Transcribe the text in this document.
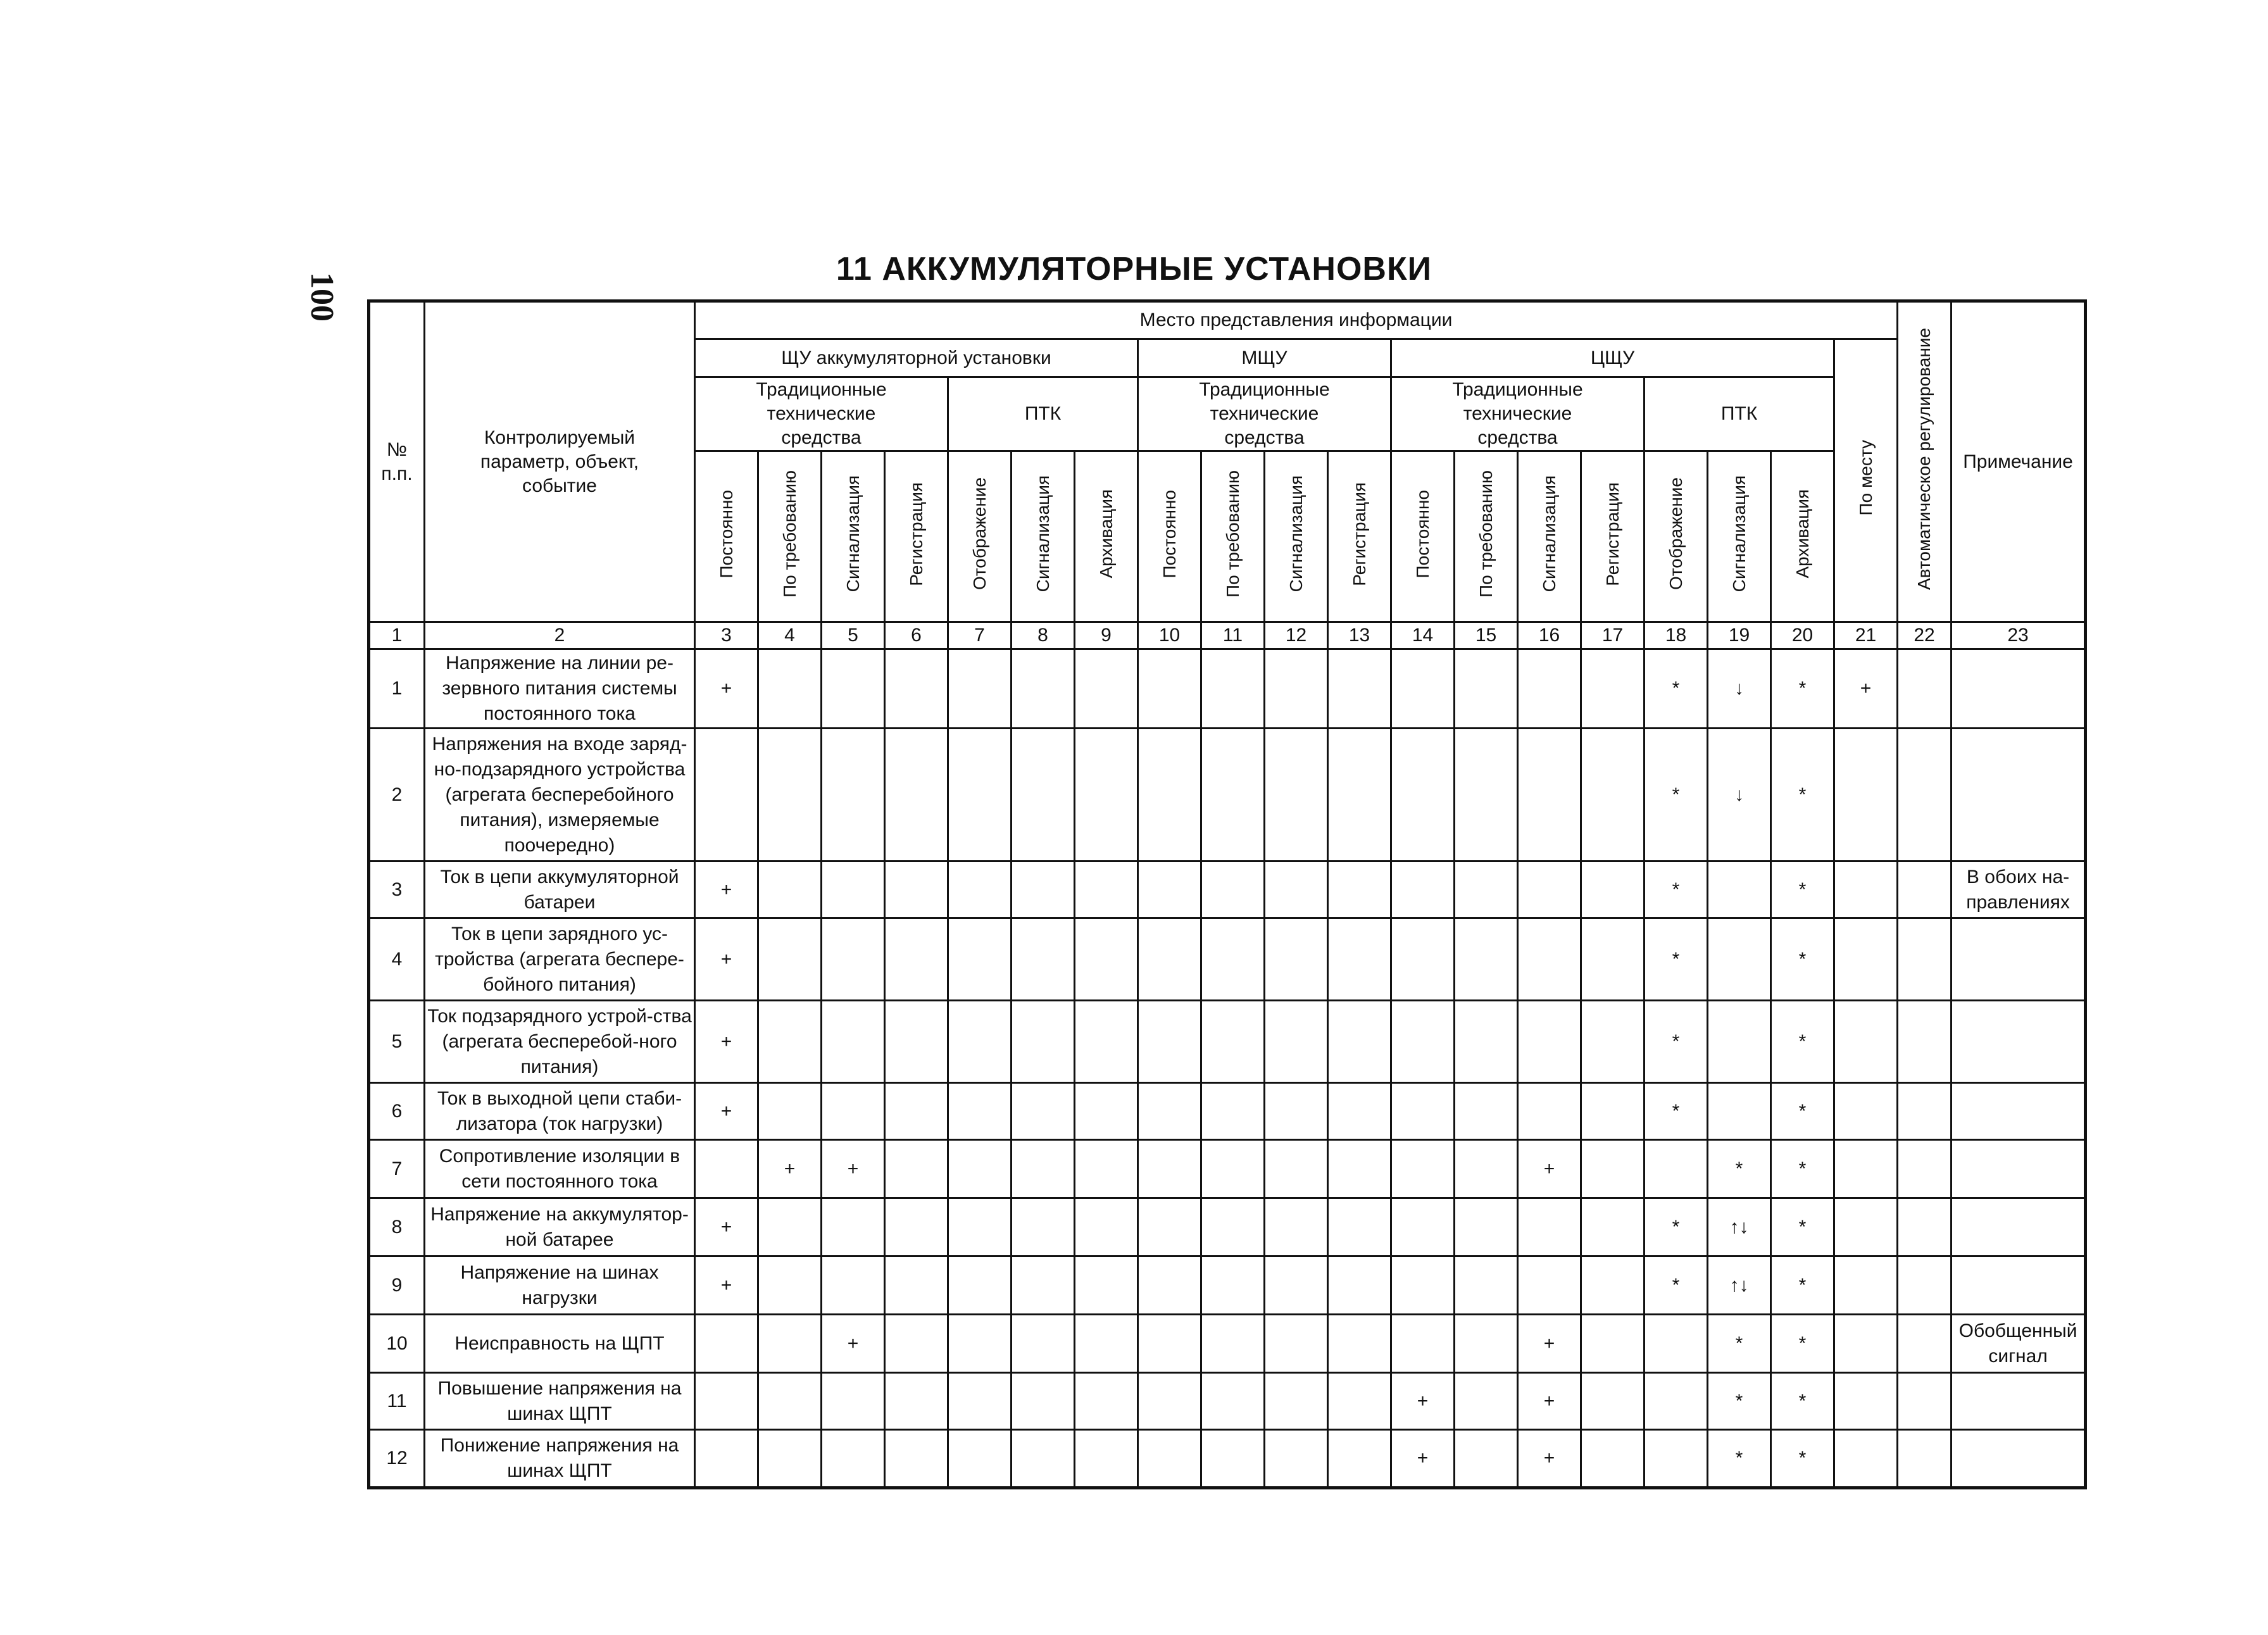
100
11 АККУМУЛЯТОРНЫЕ УСТАНОВКИ
№ п.п.	Контролируемый параметр, объект, событие	Место представления информации																			Автоматическое регулирование	Примечание
		ЩУ аккумуляторной установки							МЩУ				ЦЩУ							По месту		
		Традиционные технические средства				ПТК			Традиционные технические средства				Традиционные технические средства				ПТК					
		Постоянно	По требованию	Сигнализация	Регистрация	Отображение	Сигнализация	Архивация	Постоянно	По требованию	Сигнализация	Регистрация	Постоянно	По требованию	Сигнализация	Регистрация	Отображение	Сигнализация	Архивация			
1	2	3	4	5	6	7	8	9	10	11	12	13	14	15	16	17	18	19	20	21	22	23
1	Напряжение на линии ре-зервного питания системы постоянного тока	+															*	↓	*	+		
2	Напряжения на входе заряд-но-подзарядного устройства (агрегата бесперебойного питания), измеряемые поочередно)																*	↓	*			
3	Ток в цепи аккумуляторной батареи	+															*		*			В обоих на-правлениях
4	Ток в цепи зарядного ус-тройства (агрегата беспере-бойного питания)	+															*		*			
5	Ток подзарядного устрой-ства (агрегата бесперебой-ного питания)	+															*		*			
6	Ток в выходной цепи стаби-лизатора (ток нагрузки)	+															*		*			
7	Сопротивление изоляции в сети постоянного тока		+	+											+			*	*			
8	Напряжение на аккумулятор-ной батарее	+															*	↑↓	*			
9	Напряжение на шинах нагрузки	+															*	↑↓	*			
10	Неисправность на ЩПТ			+											+			*	*			Обобщенный сигнал
11	Повышение напряжения на шинах ЩПТ												+		+			*	*			
12	Понижение напряжения на шинах ЩПТ												+		+			*	*			
